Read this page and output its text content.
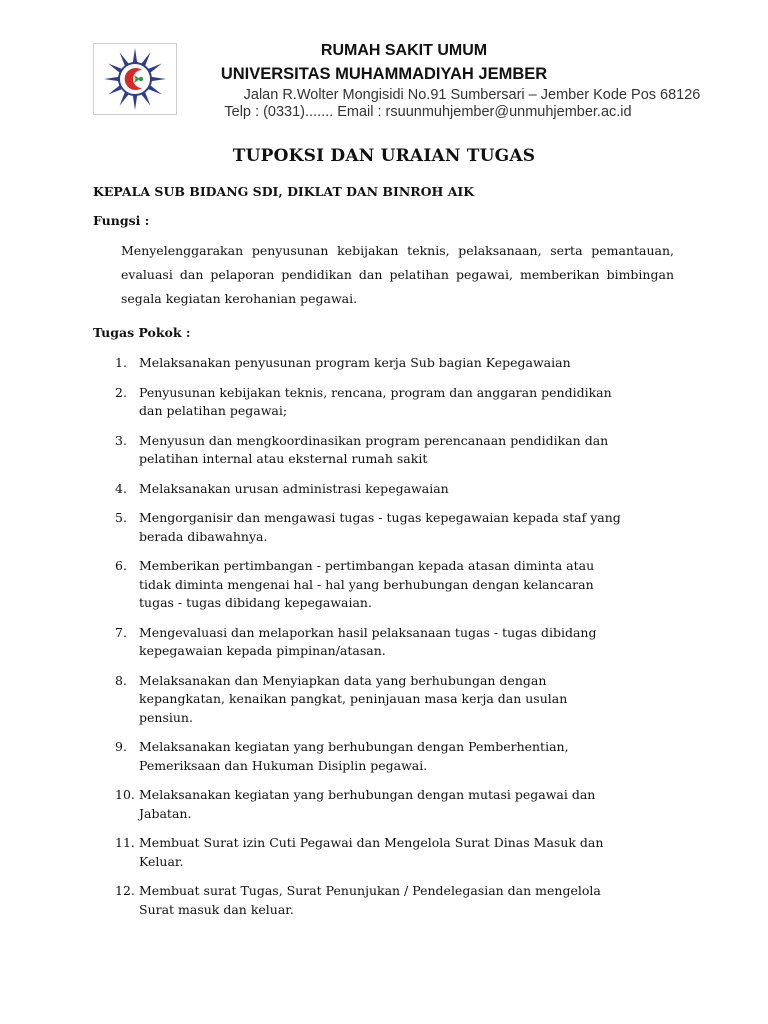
RUMAH SAKIT UMUM
UNIVERSITAS MUHAMMADIYAH JEMBER
Jalan R.Wolter Mongisidi No.91 Sumbersari – Jember Kode Pos 68126
Telp : (0331)....... Email : rsuunmuhjember@unmuhjember.ac.id
TUPOKSI DAN URAIAN TUGAS
KEPALA SUB BIDANG SDI, DIKLAT DAN BINROH AIK
Fungsi :
Menyelenggarakan penyusunan kebijakan teknis, pelaksanaan, serta pemantauan, evaluasi dan pelaporan pendidikan dan pelatihan pegawai, memberikan bimbingan segala kegiatan kerohanian pegawai.
Tugas Pokok :
1. Melaksanakan penyusunan program kerja Sub bagian Kepegawaian
2. Penyusunan kebijakan teknis, rencana, program dan anggaran pendidikan
dan pelatihan pegawai;
3. Menyusun dan mengkoordinasikan program perencanaan pendidikan dan
pelatihan internal atau eksternal rumah sakit
4. Melaksanakan urusan administrasi kepegawaian
5. Mengorganisir dan mengawasi tugas - tugas kepegawaian kepada staf yang
berada dibawahnya.
6. Memberikan pertimbangan - pertimbangan kepada atasan diminta atau
tidak diminta mengenai hal - hal yang berhubungan dengan kelancaran
tugas - tugas dibidang kepegawaian.
7. Mengevaluasi dan melaporkan hasil pelaksanaan tugas - tugas dibidang
kepegawaian kepada pimpinan/atasan.
8. Melaksanakan dan Menyiapkan data yang berhubungan dengan
kepangkatan, kenaikan pangkat, peninjauan masa kerja dan usulan
pensiun.
9. Melaksanakan kegiatan yang berhubungan dengan Pemberhentian,
Pemeriksaan dan Hukuman Disiplin pegawai.
10. Melaksanakan kegiatan yang berhubungan dengan mutasi pegawai dan
Jabatan.
11. Membuat Surat izin Cuti Pegawai dan Mengelola Surat Dinas Masuk dan
Keluar.
12. Membuat surat Tugas, Surat Penunjukan / Pendelegasian dan mengelola
Surat masuk dan keluar.
